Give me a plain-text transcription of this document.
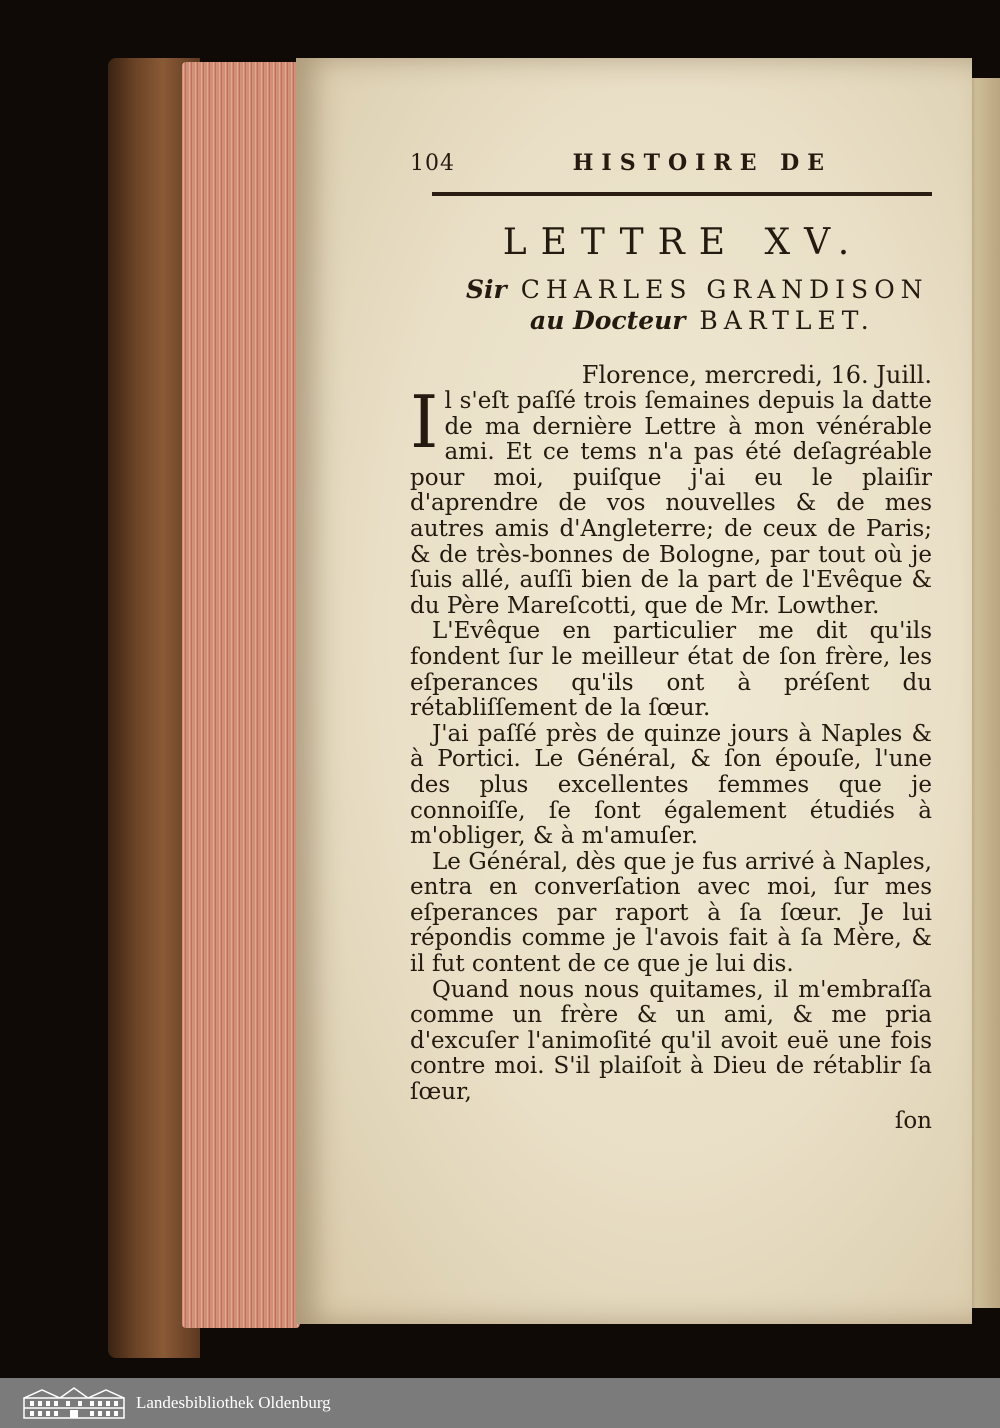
104	HISTOIRE DE
LETTRE XV.
Sir CHARLES GRANDISON
au Docteur BARTLET.
Florence, mercredi, 16. Juill.

Il s'eſt paſſé trois ſemaines depuis la datte de ma dernière Lettre à mon vénérable ami. Et ce tems n'a pas été deſagréable pour moi, puiſque j'ai eu le plaiſir d'aprendre de vos nouvelles & de mes autres amis d'Angleterre; de ceux de Paris; & de très-bonnes de Bologne, par tout où je ſuis allé, auſſi bien de la part de l'Evêque & du Père Mareſcotti, que de Mr. Lowther.

L'Evêque en particulier me dit qu'ils fondent ſur le meilleur état de ſon frère, les eſperances qu'ils ont à préſent du rétabliſſement de la ſœur.

J'ai paſſé près de quinze jours à Naples & à Portici. Le Général, & ſon épouſe, l'une des plus excellentes femmes que je connoiſſe, ſe ſont également étudiés à m'obliger, & à m'amuſer.

Le Général, dès que je fus arrivé à Naples, entra en converſation avec moi, ſur mes eſperances par raport à ſa ſœur. Je lui répondis comme je l'avois fait à ſa Mère, & il fut content de ce que je lui dis.

Quand nous nous quitames, il m'embraſſa comme un frère & un ami, & me pria d'excuſer l'animoſité qu'il avoit euë une fois contre moi. S'il plaiſoit à Dieu de rétablir ſa ſœur,

ſon
Landesbibliothek Oldenburg
